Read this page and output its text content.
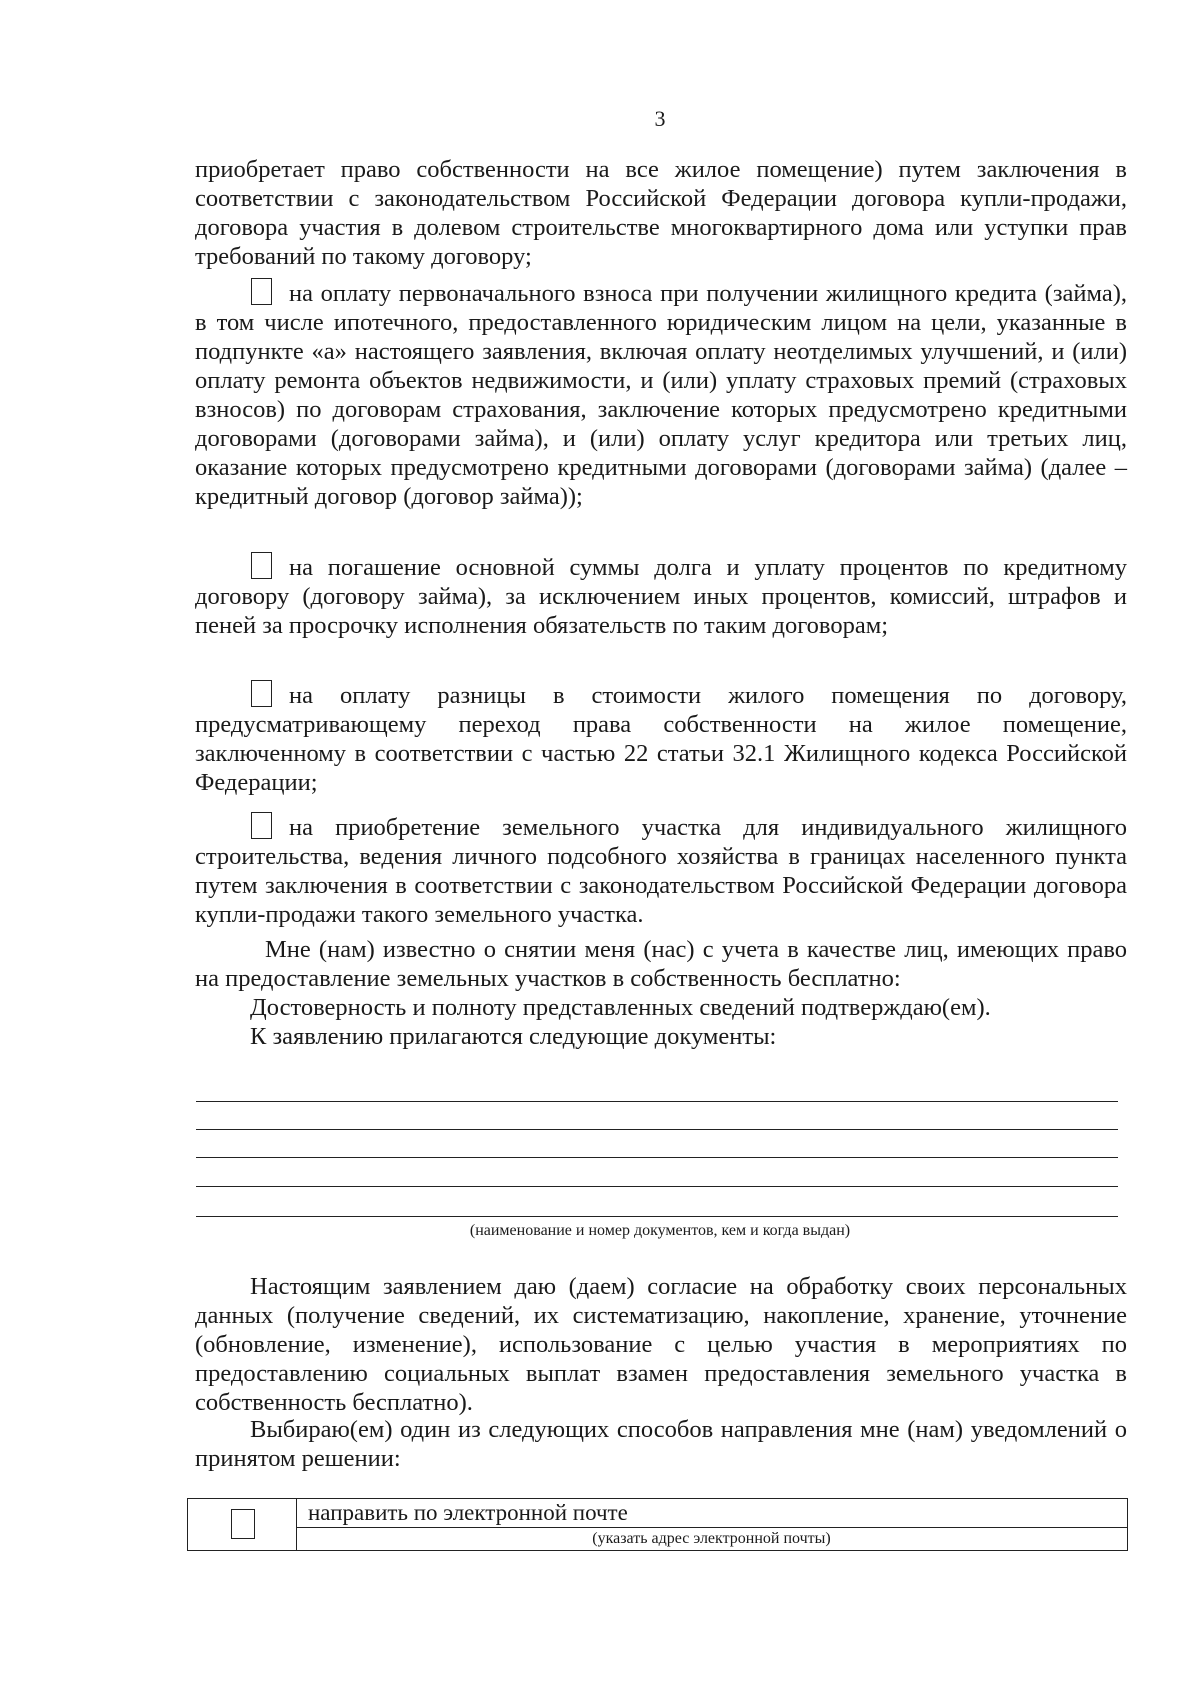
3
приобретает право собственности на все жилое помещение) путем заключения в соответствии с законодательством Российской Федерации договора купли-продажи, договора участия в долевом строительстве многоквартирного дома или уступки прав требований по такому договору;
на оплату первоначального взноса при получении жилищного кредита (займа), в том числе ипотечного, предоставленного юридическим лицом на цели, указанные в подпункте «а» настоящего заявления, включая оплату неотделимых улучшений, и (или) оплату ремонта объектов недвижимости, и (или) уплату страховых премий (страховых взносов) по договорам страхования, заключение которых предусмотрено кредитными договорами (договорами займа), и (или) оплату услуг кредитора или третьих лиц, оказание которых предусмотрено кредитными договорами (договорами займа) (далее – кредитный договор (договор займа));
на погашение основной суммы долга и уплату процентов по кредитному договору (договору займа), за исключением иных процентов, комиссий, штрафов и пеней за просрочку исполнения обязательств по таким договорам;
на оплату разницы в стоимости жилого помещения по договору, предусматривающему переход права собственности на жилое помещение, заключенному в соответствии с частью 22 статьи 32.1 Жилищного кодекса Российской Федерации;
на приобретение земельного участка для индивидуального жилищного строительства, ведения личного подсобного хозяйства в границах населенного пункта путем заключения в соответствии с законодательством Российской Федерации договора купли-продажи такого земельного участка.
Мне (нам) известно о снятии меня (нас) с учета в качестве лиц, имеющих право на предоставление земельных участков в собственность бесплатно:
Достоверность и полноту представленных сведений подтверждаю(ем).
К заявлению прилагаются следующие документы:
(наименование и номер документов, кем и когда выдан)
Настоящим заявлением даю (даем) согласие на обработку своих персональных данных (получение сведений, их систематизацию, накопление, хранение, уточнение (обновление, изменение), использование с целью участия в мероприятиях по предоставлению социальных выплат взамен предоставления земельного участка в собственность бесплатно).
Выбираю(ем) один из следующих способов направления мне (нам) уведомлений о принятом решении:
направить по электронной почте
(указать адрес электронной почты)
